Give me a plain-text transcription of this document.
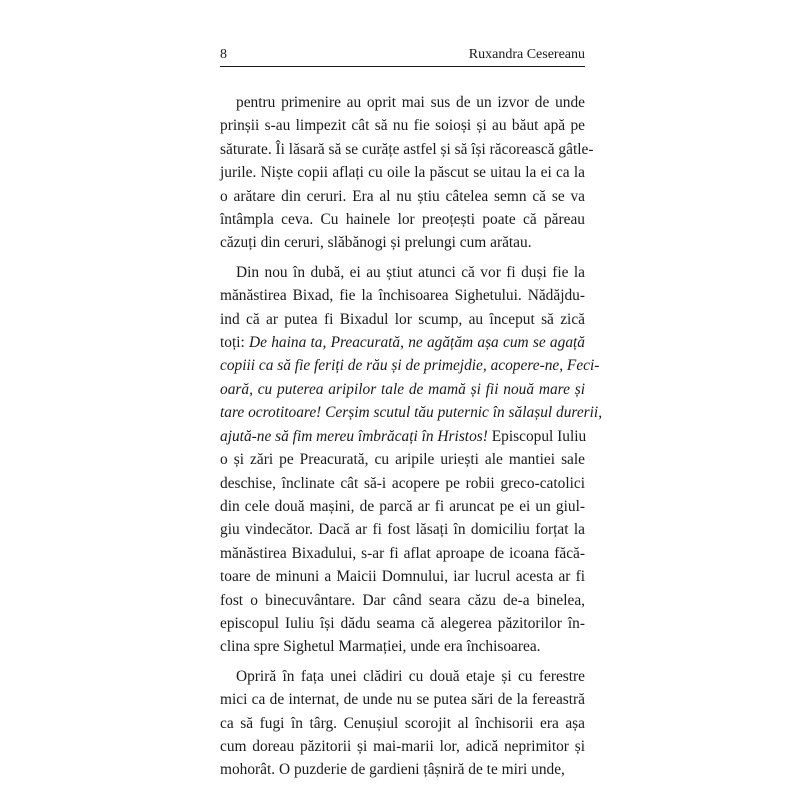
8	Ruxandra Cesereanu
pentru primenire au oprit mai sus de un izvor de unde
prinșii s-au limpezit cât să nu fie soioși și au băut apă pe
săturate. Îi lăsară să se curățe astfel și să își răcorească gâtle-
jurile. Niște copii aflați cu oile la păscut se uitau la ei ca la
o arătare din ceruri. Era al nu știu câtelea semn că se va
întâmpla ceva. Cu hainele lor preoțești poate că păreau
căzuți din ceruri, slăbănogi și prelungi cum arătau.
Din nou în dubă, ei au știut atunci că vor fi duși fie la
mănăstirea Bixad, fie la închisoarea Sighetului. Nădăjdu-
ind că ar putea fi Bixadul lor scump, au început să zică
toți: De haina ta, Preacurată, ne agățăm așa cum se agață
copiii ca să fie feriți de rău și de primejdie, acopere-ne, Feci-
oară, cu puterea aripilor tale de mamă și fii nouă mare și
tare ocrotitoare! Cerșim scutul tău puternic în sălașul durerii,
ajută-ne să fim mereu îmbrăcați în Hristos! Episcopul Iuliu
o și zări pe Preacurată, cu aripile uriești ale mantiei sale
deschise, înclinate cât să-i acopere pe robii greco-catolici
din cele două mașini, de parcă ar fi aruncat pe ei un giul-
giu vindecător. Dacă ar fi fost lăsați în domiciliu forțat la
mănăstirea Bixadului, s-ar fi aflat aproape de icoana făcă-
toare de minuni a Maicii Domnului, iar lucrul acesta ar fi
fost o binecuvântare. Dar când seara căzu de-a binelea,
episcopul Iuliu își dădu seama că alegerea păzitorilor în-
clina spre Sighetul Marmației, unde era închisoarea.
Opriră în fața unei clădiri cu două etaje și cu ferestre
mici ca de internat, de unde nu se putea sări de la fereastră
ca să fugi în târg. Cenușiul scorojit al închisorii era așa
cum doreau păzitorii și mai-marii lor, adică neprimitor și
mohorât. O puzderie de gardieni țâșniră de te miri unde,
